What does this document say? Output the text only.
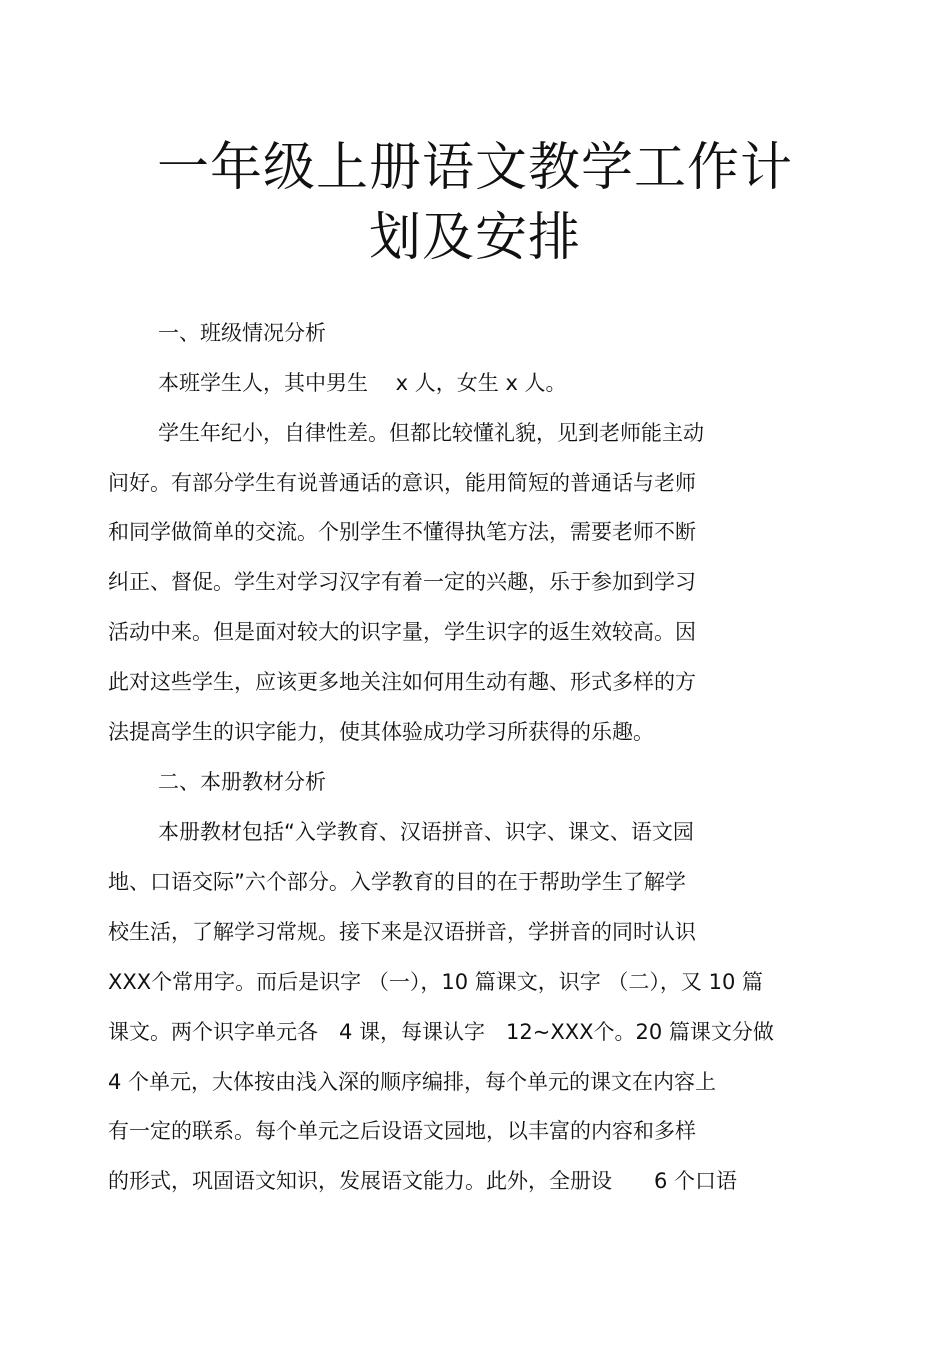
一年级上册语文教学工作计
划及安排
一、班级情况分析
本班学生人，其中男生　 x 人，女生 x 人。
学生年纪小，自律性差。但都比较懂礼貌，见到老师能主动
问好。有部分学生有说普通话的意识，能用简短的普通话与老师
和同学做简单的交流。个别学生不懂得执笔方法，需要老师不断
纠正、督促。学生对学习汉字有着一定的兴趣，乐于参加到学习
活动中来。但是面对较大的识字量，学生识字的返生效较高。因
此对这些学生，应该更多地关注如何用生动有趣、形式多样的方
法提高学生的识字能力，使其体验成功学习所获得的乐趣。
二、本册教材分析
本册教材包括“入学教育、汉语拼音、识字、课文、语文园
地、口语交际”六个部分。入学教育的目的在于帮助学生了解学
校生活，了解学习常规。接下来是汉语拼音，学拼音的同时认识
XXX个常用字。而后是识字 （一），10 篇课文，识字 （二），又 10 篇
课文。两个识字单元各　4 课，每课认字　12~XXX个。20 篇课文分做
4 个单元，大体按由浅入深的顺序编排，每个单元的课文在内容上
有一定的联系。每个单元之后设语文园地，以丰富的内容和多样
的形式，巩固语文知识，发展语文能力。此外，全册设　　6 个口语
